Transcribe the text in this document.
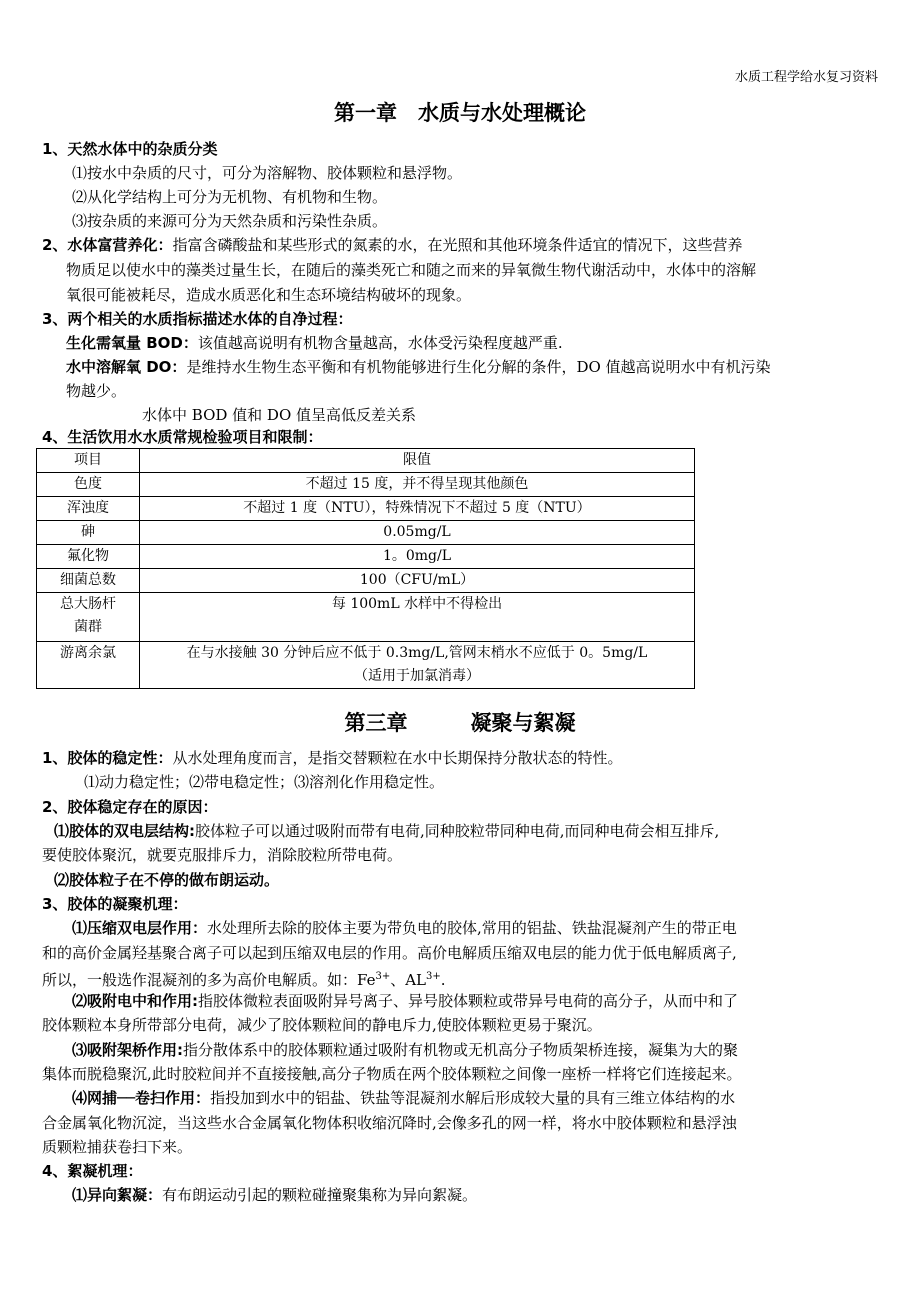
水质工程学给水复习资料
第一章　水质与水处理概论
1、天然水体中的杂质分类
⑴按水中杂质的尺寸，可分为溶解物、胶体颗粒和悬浮物。
⑵从化学结构上可分为无机物、有机物和生物。
⑶按杂质的来源可分为天然杂质和污染性杂质。
2、水体富营养化：指富含磷酸盐和某些形式的氮素的水，在光照和其他环境条件适宜的情况下，这些营养
物质足以使水中的藻类过量生长，在随后的藻类死亡和随之而来的异氧微生物代谢活动中，水体中的溶解
氧很可能被耗尽，造成水质恶化和生态环境结构破坏的现象。
3、两个相关的水质指标描述水体的自净过程：
生化需氧量 BOD：该值越高说明有机物含量越高，水体受污染程度越严重.
水中溶解氧 DO：是维持水生物生态平衡和有机物能够进行生化分解的条件，DO 值越高说明水中有机污染
物越少。
水体中 BOD 值和 DO 值呈高低反差关系
4、生活饮用水水质常规检验项目和限制：
项目	限值
色度	不超过 15 度，并不得呈现其他颜色
浑浊度	不超过 1 度（NTU），特殊情况下不超过 5 度（NTU）
砷	0.05mg/L
氟化物	1。0mg/L
细菌总数	100（CFU/mL）

总大肠杆
菌群	每 100mL 水样中不得检出
游离余氯	在与水接触 30 分钟后应不低于 0.3mg/L,管网末梢水不应低于 0。5mg/L
（适用于加氯消毒）
第三章　　　凝聚与絮凝
1、胶体的稳定性：从水处理角度而言，是指交替颗粒在水中长期保持分散状态的特性。
⑴动力稳定性；⑵带电稳定性；⑶溶剂化作用稳定性。
2、胶体稳定存在的原因：
⑴胶体的双电层结构:胶体粒子可以通过吸附而带有电荷,同种胶粒带同种电荷,而同种电荷会相互排斥,
要使胶体聚沉，就要克服排斥力，消除胶粒所带电荷。
⑵胶体粒子在不停的做布朗运动。
3、胶体的凝聚机理：
⑴压缩双电层作用：水处理所去除的胶体主要为带负电的胶体,常用的铝盐、铁盐混凝剂产生的带正电
和的高价金属羟基聚合离子可以起到压缩双电层的作用。高价电解质压缩双电层的能力优于低电解质离子,
所以，一般选作混凝剂的多为高价电解质。如：$Fe^{3+}$、$AL^{3+}$.
⑵吸附电中和作用:指胶体微粒表面吸附异号离子、异号胶体颗粒或带异号电荷的高分子，从而中和了
胶体颗粒本身所带部分电荷，减少了胶体颗粒间的静电斥力,使胶体颗粒更易于聚沉。
⑶吸附架桥作用:指分散体系中的胶体颗粒通过吸附有机物或无机高分子物质架桥连接，凝集为大的聚
集体而脱稳聚沉,此时胶粒间并不直接接触,高分子物质在两个胶体颗粒之间像一座桥一样将它们连接起来。
⑷网捕──卷扫作用：指投加到水中的铝盐、铁盐等混凝剂水解后形成较大量的具有三维立体结构的水
合金属氧化物沉淀，当这些水合金属氧化物体积收缩沉降时,会像多孔的网一样，将水中胶体颗粒和悬浮浊
质颗粒捕获卷扫下来。
4、絮凝机理：
⑴异向絮凝：有布朗运动引起的颗粒碰撞聚集称为异向絮凝。
